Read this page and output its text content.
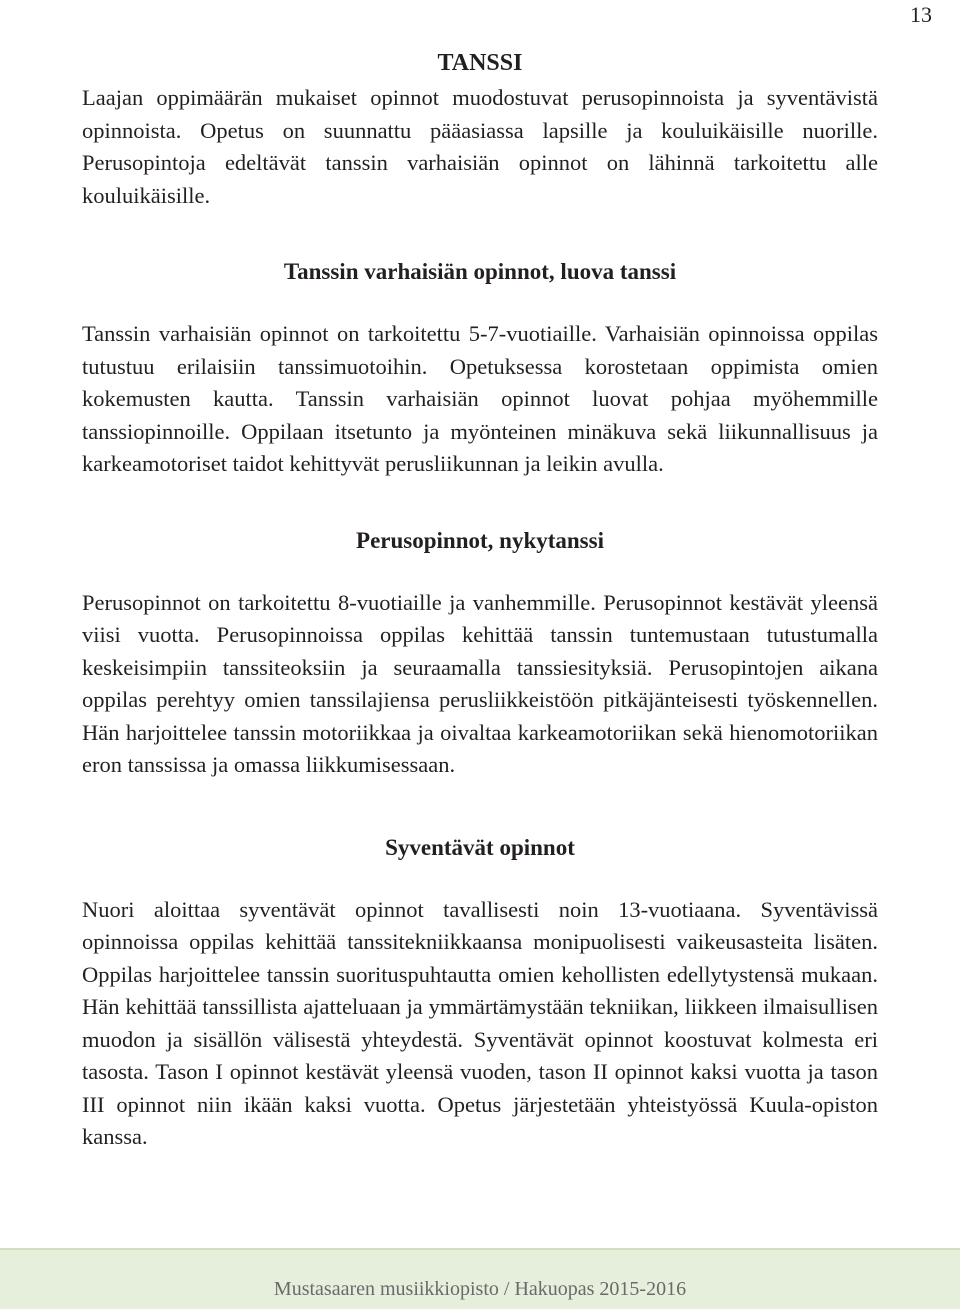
13
TANSSI

Laajan oppimäärän mukaiset opinnot muodostuvat perusopinnoista ja syventävistä opinnoista. Opetus on suunnattu pääasiassa lapsille ja kouluikäisille nuorille. Perusopintoja edeltävät tanssin varhaisiän opinnot on lähinnä tarkoitettu alle kouluikäisille.

Tanssin varhaisiän opinnot, luova tanssi

Tanssin varhaisiän opinnot on tarkoitettu 5-7-vuotiaille. Varhaisiän opinnoissa oppilas tutustuu erilaisiin tanssimuotoihin. Opetuksessa korostetaan oppimista omien kokemusten kautta. Tanssin varhaisiän opinnot luovat pohjaa myöhemmille tanssiopinnoille. Oppilaan itsetunto ja myönteinen minäkuva sekä liikunnallisuus ja karkeamotoriset taidot kehittyvät perusliikunnan ja leikin avulla.

Perusopinnot, nykytanssi

Perusopinnot on tarkoitettu 8-vuotiaille ja vanhemmille. Perusopinnot kestävät yleensä viisi vuotta. Perusopinnoissa oppilas kehittää tanssin tuntemustaan tutustumalla keskeisimpiin tanssiteoksiin ja seuraamalla tanssiesityksiä. Perusopintojen aikana oppilas perehtyy omien tanssilajiensa perusliikkeistöön pitkäjänteisesti työskennellen. Hän harjoittelee tanssin motoriikkaa ja oivaltaa karkeamotoriikan sekä hienomotoriikan eron tanssissa ja omassa liikkumisessaan.

Syventävät opinnot

Nuori aloittaa syventävät opinnot tavallisesti noin 13-vuotiaana. Syventävissä opinnoissa oppilas kehittää tanssitekniikkaansa monipuolisesti vaikeusasteita lisäten. Oppilas harjoittelee tanssin suorituspuhtautta omien kehollisten edellytystensä mukaan. Hän kehittää tanssillista ajatteluaan ja ymmärtämystään tekniikan, liikkeen ilmaisullisen muodon ja sisällön välisestä yhteydestä. Syventävät opinnot koostuvat kolmesta eri tasosta. Tason I opinnot kestävät yleensä vuoden, tason II opinnot kaksi vuotta ja tason III opinnot niin ikään kaksi vuotta. Opetus järjestetään yhteistyössä Kuula-opiston kanssa.

Mustasaaren musiikkiopisto / Hakuopas 2015-2016
